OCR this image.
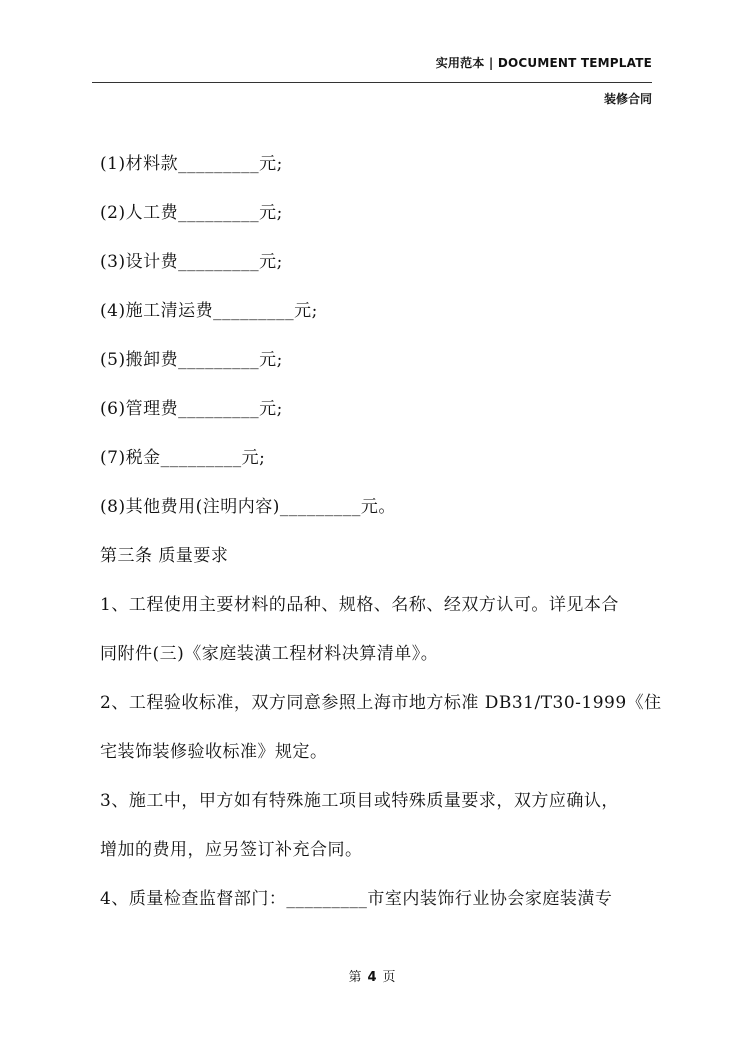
实用范本 | DOCUMENT TEMPLATE
装修合同

(1)材料款_________元;

(2)人工费_________元;

(3)设计费_________元;

(4)施工清运费_________元;

(5)搬卸费_________元;

(6)管理费_________元;

(7)税金_________元;

(8)其他费用(注明内容)_________元。

第三条 质量要求

1、工程使用主要材料的品种、规格、名称、经双方认可。详见本合

同附件(三)《家庭装潢工程材料决算清单》。

2、工程验收标准，双方同意参照上海市地方标准 DB31/T30-1999《住

宅装饰装修验收标准》规定。

3、施工中，甲方如有特殊施工项目或特殊质量要求，双方应确认，

增加的费用，应另签订补充合同。

4、质量检查监督部门：_________市室内装饰行业协会家庭装潢专

第 4 页
